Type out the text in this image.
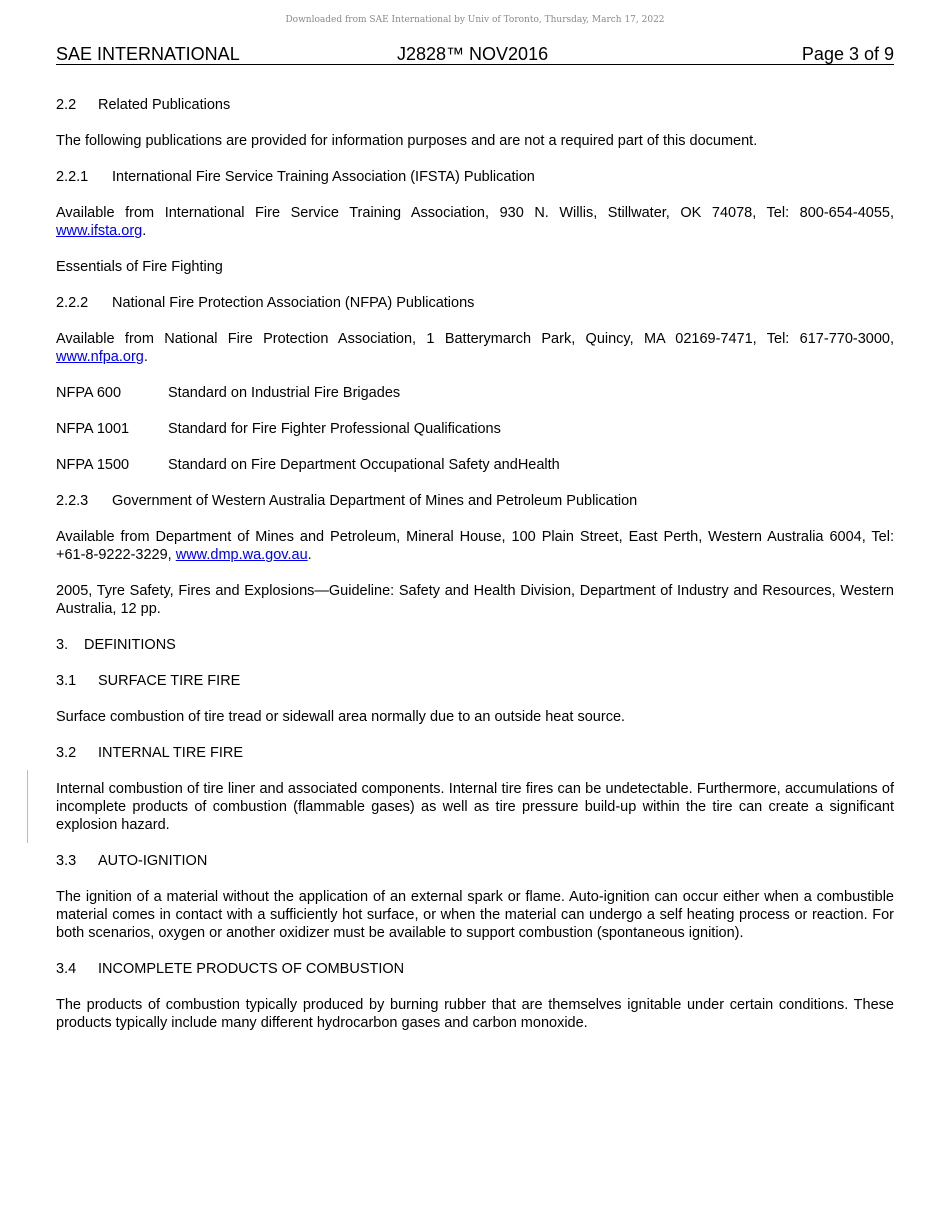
Downloaded from SAE International by Univ of Toronto, Thursday, March 17, 2022
SAE INTERNATIONAL	J2828™ NOV2016	Page 3 of 9

2.2 Related Publications

The following publications are provided for information purposes and are not a required part of this document.

2.2.1 International Fire Service Training Association (IFSTA) Publication

Available from International Fire Service Training Association, 930 N. Willis, Stillwater, OK 74078, Tel: 800-654-4055, www.ifsta.org.

Essentials of Fire Fighting

2.2.2 National Fire Protection Association (NFPA) Publications

Available from National Fire Protection Association, 1 Batterymarch Park, Quincy, MA 02169-7471, Tel: 617-770-3000, www.nfpa.org.

NFPA 600	Standard on Industrial Fire Brigades

NFPA 1001	Standard for Fire Fighter Professional Qualifications

NFPA 1500	Standard on Fire Department Occupational Safety andHealth

2.2.3 Government of Western Australia Department of Mines and Petroleum Publication

Available from Department of Mines and Petroleum, Mineral House, 100 Plain Street, East Perth, Western Australia 6004, Tel: +61-8-9222-3229, www.dmp.wa.gov.au.

2005, Tyre Safety, Fires and Explosions—Guideline: Safety and Health Division, Department of Industry and Resources, Western Australia, 12 pp.

3. DEFINITIONS

3.1 SURFACE TIRE FIRE

Surface combustion of tire tread or sidewall area normally due to an outside heat source.

3.2 INTERNAL TIRE FIRE

Internal combustion of tire liner and associated components. Internal tire fires can be undetectable. Furthermore, accumulations of incomplete products of combustion (flammable gases) as well as tire pressure build-up within the tire can create a significant explosion hazard.

3.3 AUTO-IGNITION

The ignition of a material without the application of an external spark or flame. Auto-ignition can occur either when a combustible material comes in contact with a sufficiently hot surface, or when the material can undergo a self heating process or reaction. For both scenarios, oxygen or another oxidizer must be available to support combustion (spontaneous ignition).

3.4 INCOMPLETE PRODUCTS OF COMBUSTION

The products of combustion typically produced by burning rubber that are themselves ignitable under certain conditions. These products typically include many different hydrocarbon gases and carbon monoxide.
